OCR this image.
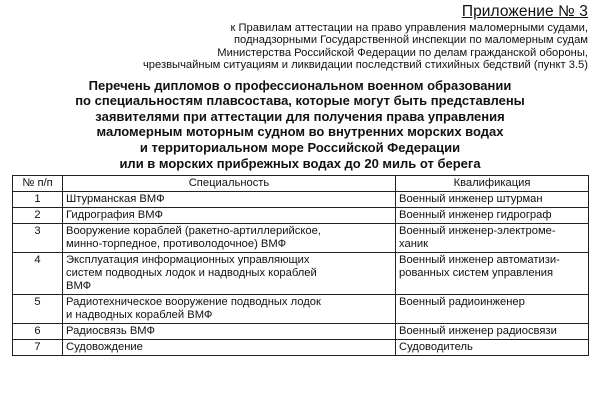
Приложение № 3
к Правилам аттестации на право управления маломерными судами,
поднадзорными Государственной инспекции по маломерным судам
Министерства Российской Федерации по делам гражданской обороны,
чрезвычайным ситуациям и ликвидации последствий стихийных бедствий (пункт 3.5)
Перечень дипломов о профессиональном военном образовании
по специальностям плавсостава, которые могут быть представлены
заявителями при аттестации для получения права управления
маломерным моторным судном во внутренних морских водах
и территориальном море Российской Федерации
или в морских прибрежных водах до 20 миль от берега
№ п/п	Специальность	Квалификация
1	Штурманская ВМФ	Военный инженер штурман

2	Гидрография ВМФ	Военный инженер гидрограф

3	Вооружение кораблей (ракетно-артиллерийское,
минно-торпедное, противолодочное) ВМФ	Военный инженер-электроме-
ханик

4	Эксплуатация информационных управляющих
систем подводных лодок и надводных кораблей
ВМФ	Военный инженер автоматизи-
рованных систем управления

5	Радиотехническое вооружение подводных лодок
и надводных кораблей ВМФ	Военный радиоинженер

6	Радиосвязь ВМФ	Военный инженер радиосвязи

7	Судовождение	Судоводитель
